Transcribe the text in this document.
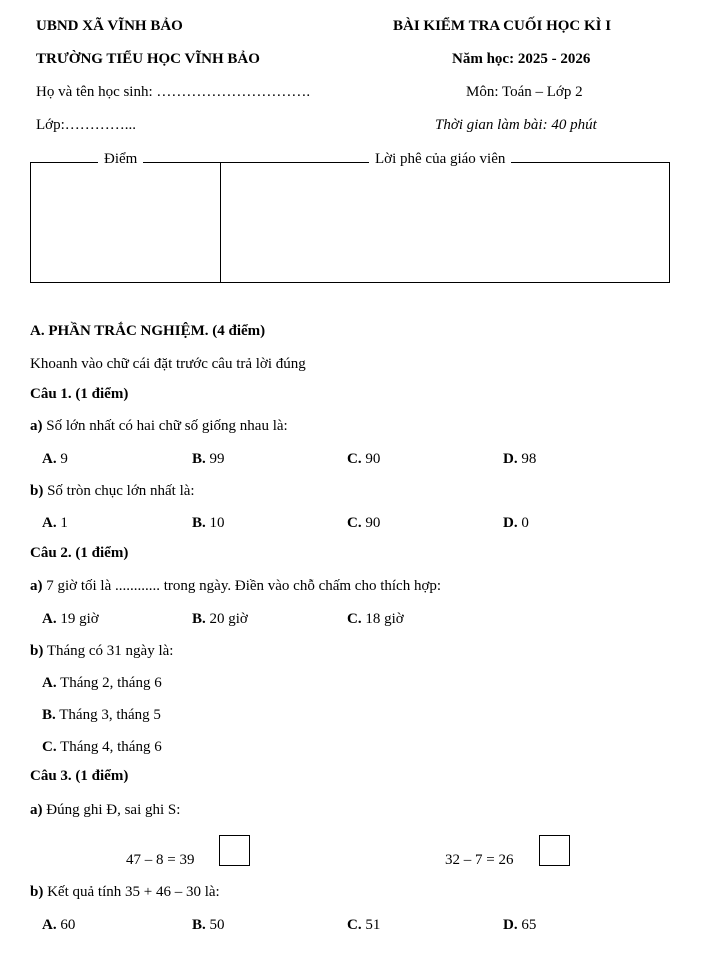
UBND XÃ VĨNH BẢO	BÀI KIỂM TRA CUỐI HỌC KÌ I
TRƯỜNG TIỂU HỌC VĨNH BẢO	Năm học: 2025 - 2026
Họ và tên học sinh: ………………………….	Môn: Toán – Lớp 2
Lớp:…………...	Thời gian làm bài: 40 phút
Điểm	Lời phê của giáo viên
A. PHẦN TRẮC NGHIỆM. (4 điểm)
Khoanh vào chữ cái đặt trước câu trả lời đúng
Câu 1. (1 điểm)
a) Số lớn nhất có hai chữ số giống nhau là:
A. 9	B. 99	C. 90	D. 98
b) Số tròn chục lớn nhất là:
A. 1	B. 10	C. 90	D. 0
Câu 2. (1 điểm)
a) 7 giờ tối là ............ trong ngày. Điền vào chỗ chấm cho thích hợp:
A. 19 giờ	B. 20 giờ	C. 18 giờ
b) Tháng có 31 ngày là:
A. Tháng 2, tháng 6
B. Tháng 3, tháng 5
C. Tháng 4, tháng 6
Câu 3. (1 điểm)
a) Đúng ghi Đ, sai ghi S:
47 – 8 = 39	32 – 7 = 26
b) Kết quả tính 35 + 46 – 30 là:
A. 60	B. 50	C. 51	D. 65
